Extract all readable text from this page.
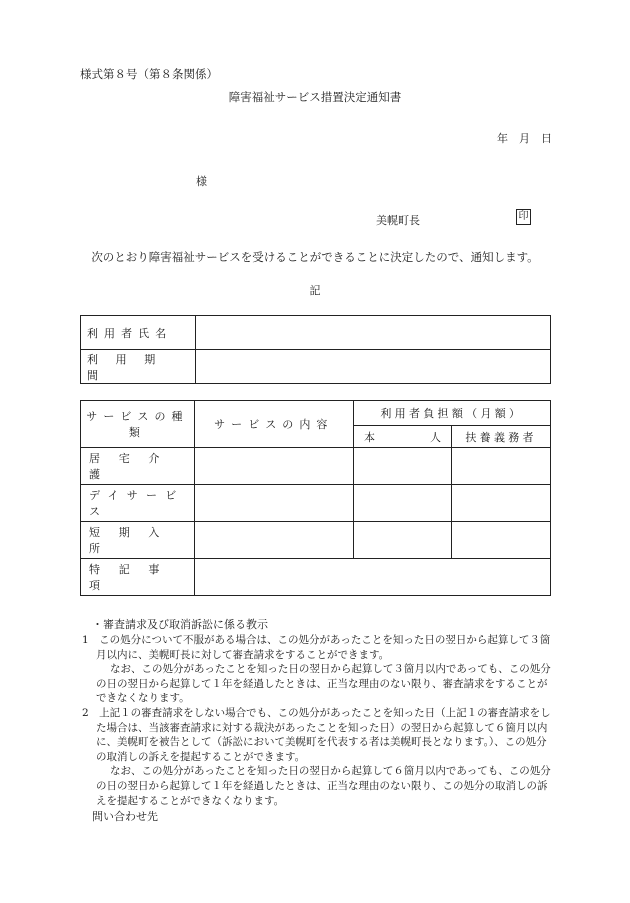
様式第８号（第８条関係）
障害福祉サービス措置決定通知書
年　月　日
様
美幌町長	印
次のとおり障害福祉サービスを受けることができることに決定したので、通知します。
記
利用者氏名	
利用期間	
サービスの種類	サービスの内容	利用者負担額（月額）	
		本　　　　　人	扶養義務者
居宅介護			
デイサービス			
短期入所			
特記事項			
・審査請求及び取消訴訟に係る教示

1　この処分について不服がある場合は、この処分があったことを知った日の翌日から起算して３箇月以内に、美幌町長に対して審査請求をすることができます。

なお、この処分があったことを知った日の翌日から起算して３箇月以内であっても、この処分の日の翌日から起算して１年を経過したときは、正当な理由のない限り、審査請求をすることができなくなります。

2　上記１の審査請求をしない場合でも、この処分があったことを知った日（上記１の審査請求をした場合は、当該審査請求に対する裁決があったことを知った日）の翌日から起算して６箇月以内に、美幌町を被告として（訴訟において美幌町を代表する者は美幌町長となります。）、この処分の取消しの訴えを提起することができます。

なお、この処分があったことを知った日の翌日から起算して６箇月以内であっても、この処分の日の翌日から起算して１年を経過したときは、正当な理由のない限り、この処分の取消しの訴えを提起することができなくなります。

問い合わせ先
